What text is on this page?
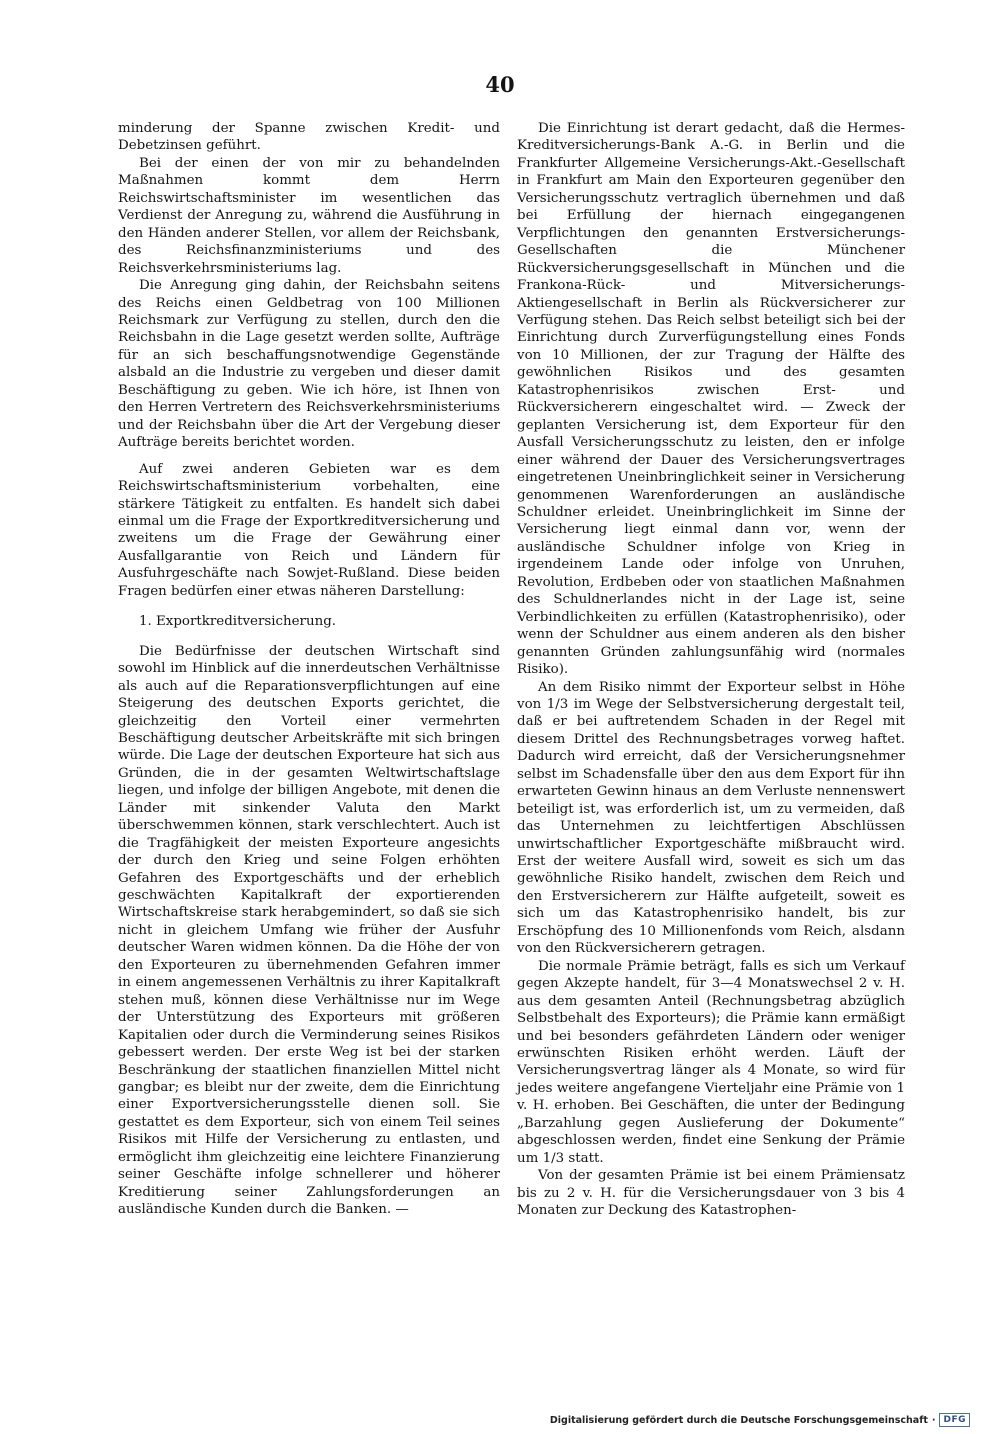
40

minderung der Spanne zwischen Kredit- und Debetzinsen geführt.

Bei der einen der von mir zu behandelnden Maßnahmen kommt dem Herrn Reichswirtschaftsminister im wesentlichen das Verdienst der Anregung zu, während die Ausführung in den Händen anderer Stellen, vor allem der Reichsbank, des Reichsfinanzministeriums und des Reichsverkehrsministeriums lag.

Die Anregung ging dahin, der Reichsbahn seitens des Reichs einen Geldbetrag von 100 Millionen Reichsmark zur Verfügung zu stellen, durch den die Reichsbahn in die Lage gesetzt werden sollte, Aufträge für an sich beschaffungsnotwendige Gegenstände alsbald an die Industrie zu vergeben und dieser damit Beschäftigung zu geben. Wie ich höre, ist Ihnen von den Herren Vertretern des Reichsverkehrsministeriums und der Reichsbahn über die Art der Vergebung dieser Aufträge bereits berichtet worden.

Auf zwei anderen Gebieten war es dem Reichswirtschaftsministerium vorbehalten, eine stärkere Tätigkeit zu entfalten. Es handelt sich dabei einmal um die Frage der Exportkreditversicherung und zweitens um die Frage der Gewährung einer Ausfallgarantie von Reich und Ländern für Ausfuhrgeschäfte nach Sowjet-Rußland. Diese beiden Fragen bedürfen einer etwas näheren Darstellung:

1. Exportkreditversicherung.

Die Bedürfnisse der deutschen Wirtschaft sind sowohl im Hinblick auf die innerdeutschen Verhältnisse als auch auf die Reparationsverpflichtungen auf eine Steigerung des deutschen Exports gerichtet, die gleichzeitig den Vorteil einer vermehrten Beschäftigung deutscher Arbeitskräfte mit sich bringen würde. Die Lage der deutschen Exporteure hat sich aus Gründen, die in der gesamten Weltwirtschaftslage liegen, und infolge der billigen Angebote, mit denen die Länder mit sinkender Valuta den Markt überschwemmen können, stark verschlechtert. Auch ist die Tragfähigkeit der meisten Exporteure angesichts der durch den Krieg und seine Folgen erhöhten Gefahren des Exportgeschäfts und der erheblich geschwächten Kapitalkraft der exportierenden Wirtschaftskreise stark herabgemindert, so daß sie sich nicht in gleichem Umfang wie früher der Ausfuhr deutscher Waren widmen können. Da die Höhe der von den Exporteuren zu übernehmenden Gefahren immer in einem angemessenen Verhältnis zu ihrer Kapitalkraft stehen muß, können diese Verhältnisse nur im Wege der Unterstützung des Exporteurs mit größeren Kapitalien oder durch die Verminderung seines Risikos gebessert werden. Der erste Weg ist bei der starken Beschränkung der staatlichen finanziellen Mittel nicht gangbar; es bleibt nur der zweite, dem die Einrichtung einer Exportversicherungsstelle dienen soll. Sie gestattet es dem Exporteur, sich von einem Teil seines Risikos mit Hilfe der Versicherung zu entlasten, und ermöglicht ihm gleichzeitig eine leichtere Finanzierung seiner Geschäfte infolge schnellerer und höherer Kreditierung seiner Zahlungsforderungen an ausländische Kunden durch die Banken. —

Die Einrichtung ist derart gedacht, daß die Hermes-Kreditversicherungs-Bank A.-G. in Berlin und die Frankfurter Allgemeine Versicherungs-Akt.-Gesellschaft in Frankfurt am Main den Exporteuren gegenüber den Versicherungsschutz vertraglich übernehmen und daß bei Erfüllung der hiernach eingegangenen Verpflichtungen den genannten Erstversicherungs-Gesellschaften die Münchener Rückversicherungsgesellschaft in München und die Frankona-Rück- und Mitversicherungs-Aktiengesellschaft in Berlin als Rückversicherer zur Verfügung stehen. Das Reich selbst beteiligt sich bei der Einrichtung durch Zurverfügungstellung eines Fonds von 10 Millionen, der zur Tragung der Hälfte des gewöhnlichen Risikos und des gesamten Katastrophenrisikos zwischen Erst- und Rückversicherern eingeschaltet wird. — Zweck der geplanten Versicherung ist, dem Exporteur für den Ausfall Versicherungsschutz zu leisten, den er infolge einer während der Dauer des Versicherungsvertrages eingetretenen Uneinbringlichkeit seiner in Versicherung genommenen Warenforderungen an ausländische Schuldner erleidet. Uneinbringlichkeit im Sinne der Versicherung liegt einmal dann vor, wenn der ausländische Schuldner infolge von Krieg in irgendeinem Lande oder infolge von Unruhen, Revolution, Erdbeben oder von staatlichen Maßnahmen des Schuldnerlandes nicht in der Lage ist, seine Verbindlichkeiten zu erfüllen (Katastrophenrisiko), oder wenn der Schuldner aus einem anderen als den bisher genannten Gründen zahlungsunfähig wird (normales Risiko).

An dem Risiko nimmt der Exporteur selbst in Höhe von 1/3 im Wege der Selbstversicherung dergestalt teil, daß er bei auftretendem Schaden in der Regel mit diesem Drittel des Rechnungsbetrages vorweg haftet. Dadurch wird erreicht, daß der Versicherungsnehmer selbst im Schadensfalle über den aus dem Export für ihn erwarteten Gewinn hinaus an dem Verluste nennenswert beteiligt ist, was erforderlich ist, um zu vermeiden, daß das Unternehmen zu leichtfertigen Abschlüssen unwirtschaftlicher Exportgeschäfte mißbraucht wird. Erst der weitere Ausfall wird, soweit es sich um das gewöhnliche Risiko handelt, zwischen dem Reich und den Erstversicherern zur Hälfte aufgeteilt, soweit es sich um das Katastrophenrisiko handelt, bis zur Erschöpfung des 10 Millionenfonds vom Reich, alsdann von den Rückversicherern getragen.

Die normale Prämie beträgt, falls es sich um Verkauf gegen Akzepte handelt, für 3—4 Monatswechsel 2 v. H. aus dem gesamten Anteil (Rechnungsbetrag abzüglich Selbstbehalt des Exporteurs); die Prämie kann ermäßigt und bei besonders gefährdeten Ländern oder weniger erwünschten Risiken erhöht werden. Läuft der Versicherungsvertrag länger als 4 Monate, so wird für jedes weitere angefangene Vierteljahr eine Prämie von 1 v. H. erhoben. Bei Geschäften, die unter der Bedingung „Barzahlung gegen Auslieferung der Dokumente“ abgeschlossen werden, findet eine Senkung der Prämie um 1/3 statt.

Von der gesamten Prämie ist bei einem Prämiensatz bis zu 2 v. H. für die Versicherungsdauer von 3 bis 4 Monaten zur Deckung des Katastrophen-

Digitalisierung gefördert durch die Deutsche Forschungsgemeinschaft · DFG
